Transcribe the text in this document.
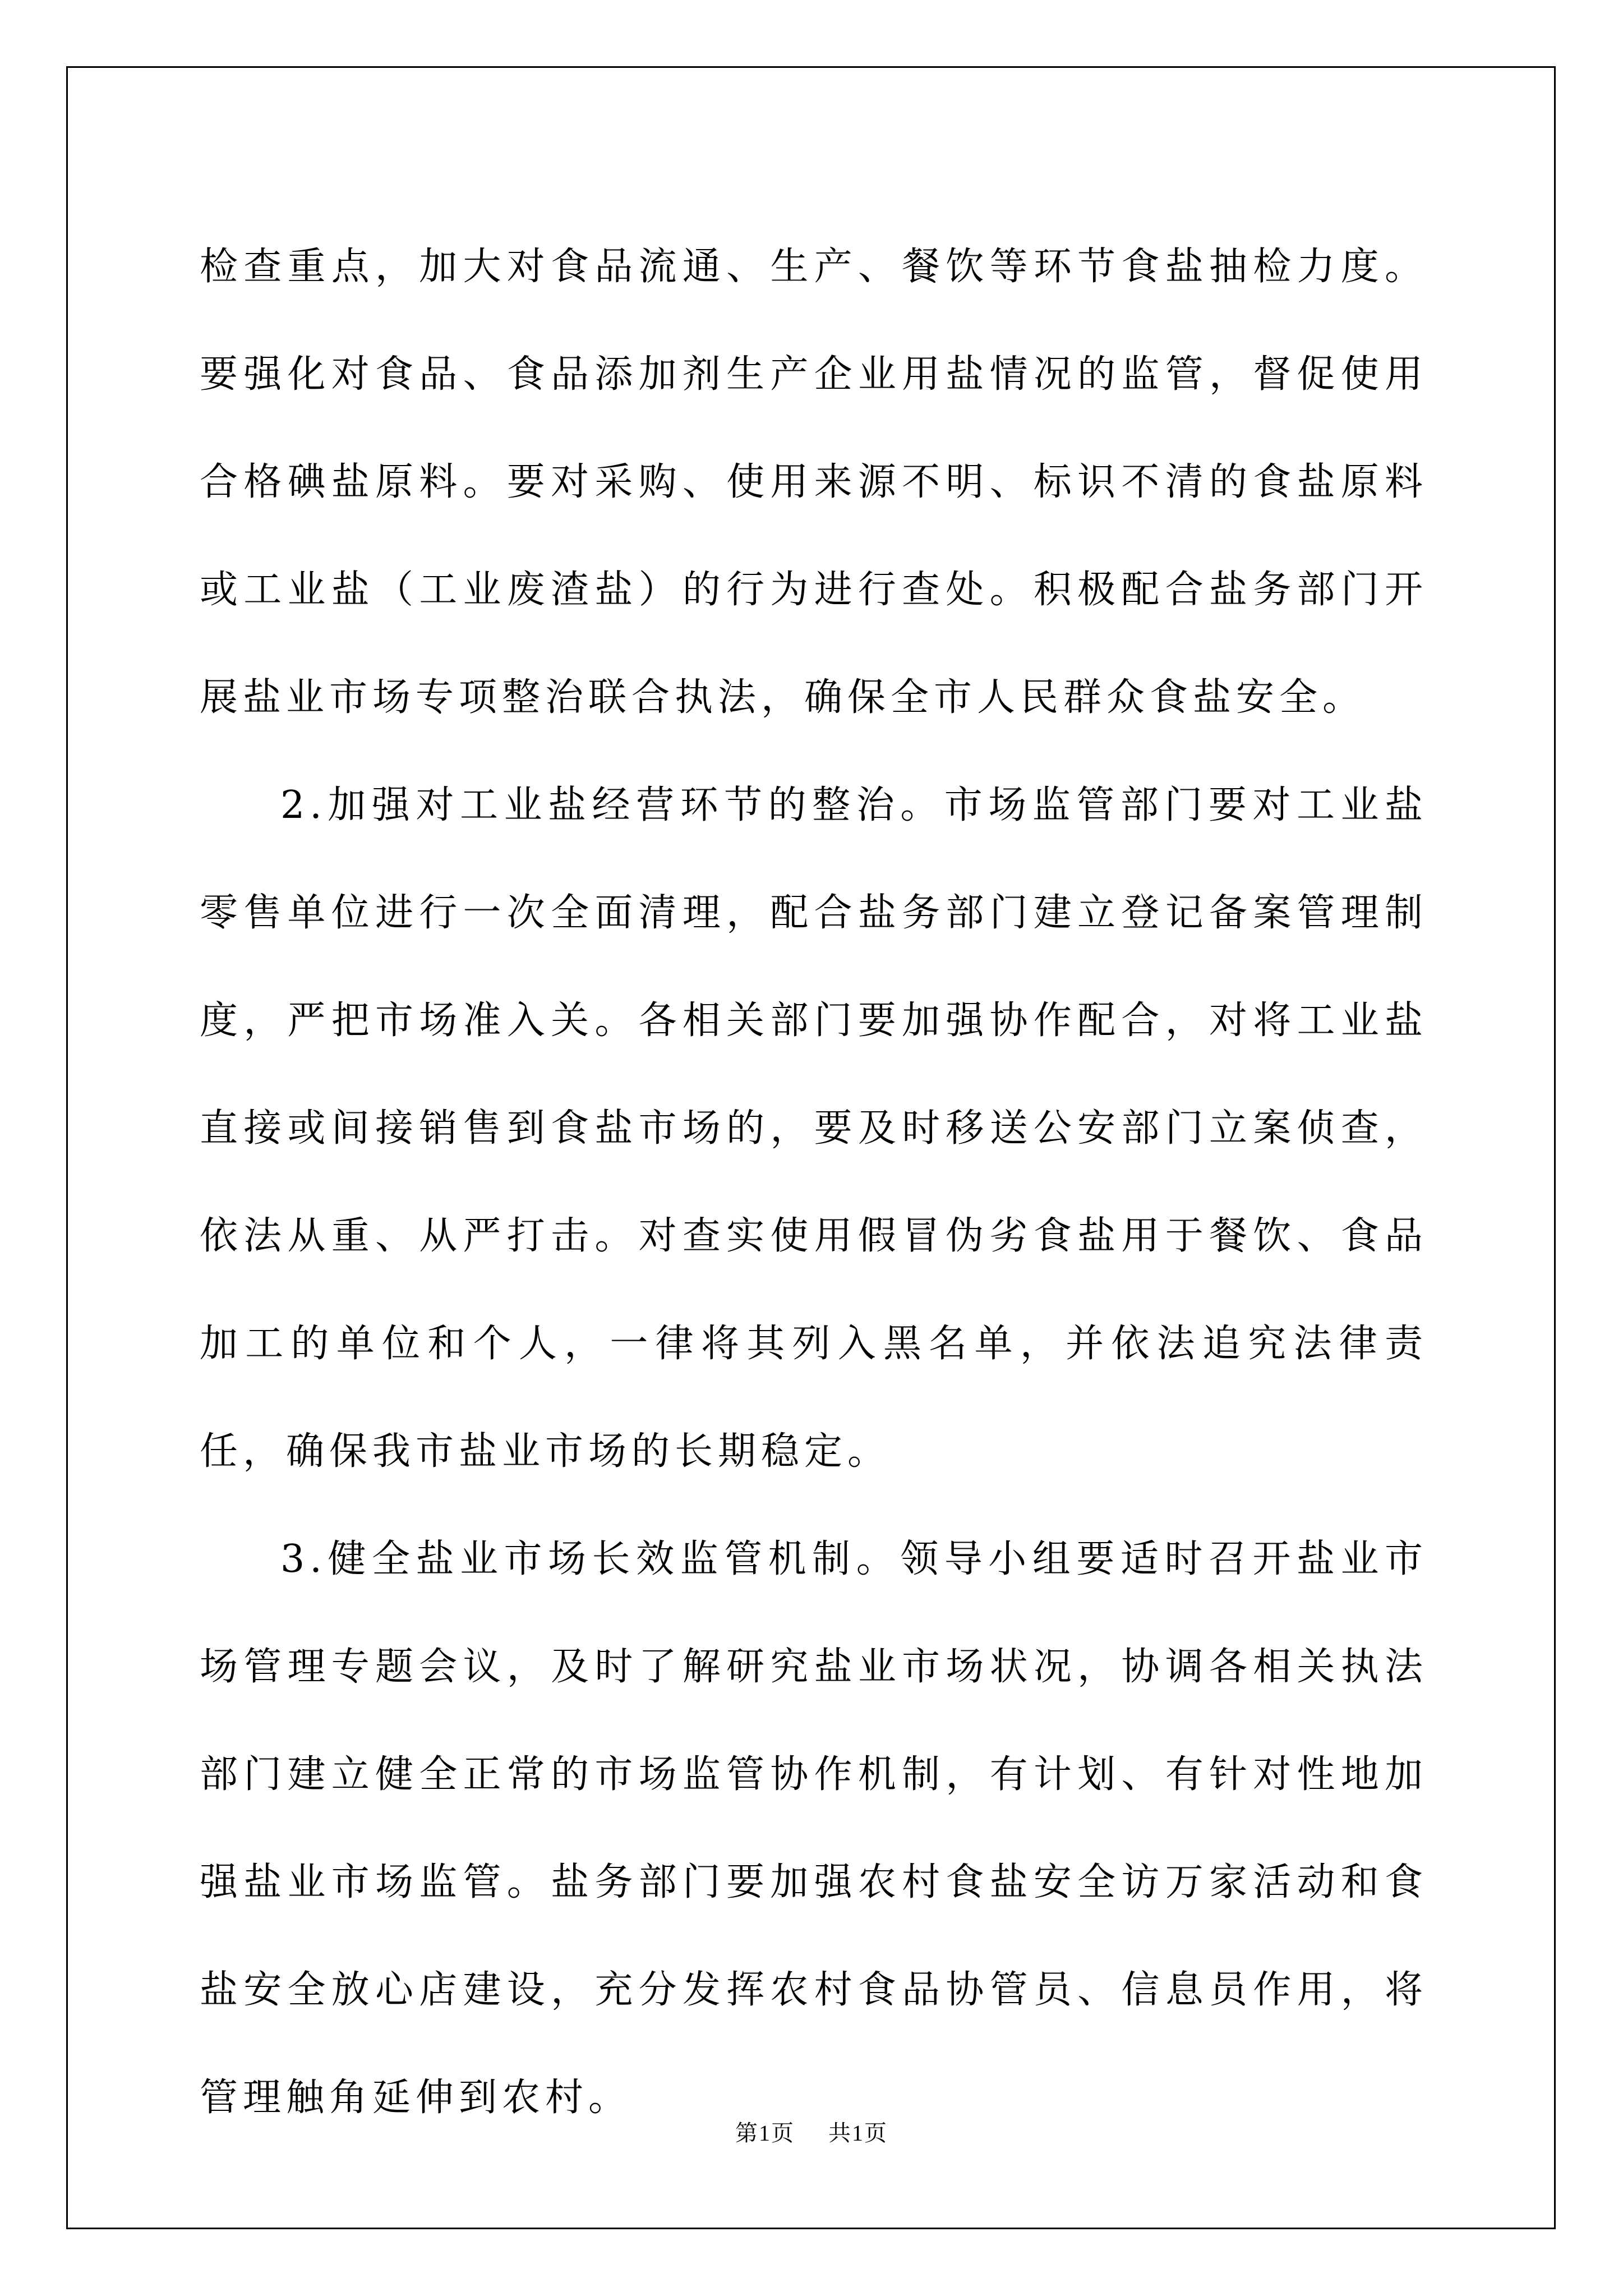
检查重点，加大对食品流通、生产、餐饮等环节食盐抽检力度。要强化对食品、食品添加剂生产企业用盐情况的监管，督促使用合格碘盐原料。要对采购、使用来源不明、标识不清的食盐原料或工业盐（工业废渣盐）的行为进行查处。积极配合盐务部门开展盐业市场专项整治联合执法，确保全市人民群众食盐安全。

2.加强对工业盐经营环节的整治。市场监管部门要对工业盐零售单位进行一次全面清理，配合盐务部门建立登记备案管理制度，严把市场准入关。各相关部门要加强协作配合，对将工业盐直接或间接销售到食盐市场的，要及时移送公安部门立案侦查，依法从重、从严打击。对查实使用假冒伪劣食盐用于餐饮、食品加工的单位和个人，一律将其列入黑名单，并依法追究法律责任，确保我市盐业市场的长期稳定。

3.健全盐业市场长效监管机制。领导小组要适时召开盐业市场管理专题会议，及时了解研究盐业市场状况，协调各相关执法部门建立健全正常的市场监管协作机制，有计划、有针对性地加强盐业市场监管。盐务部门要加强农村食盐安全访万家活动和食盐安全放心店建设，充分发挥农村食品协管员、信息员作用，将管理触角延伸到农村。

第1页 共1页
